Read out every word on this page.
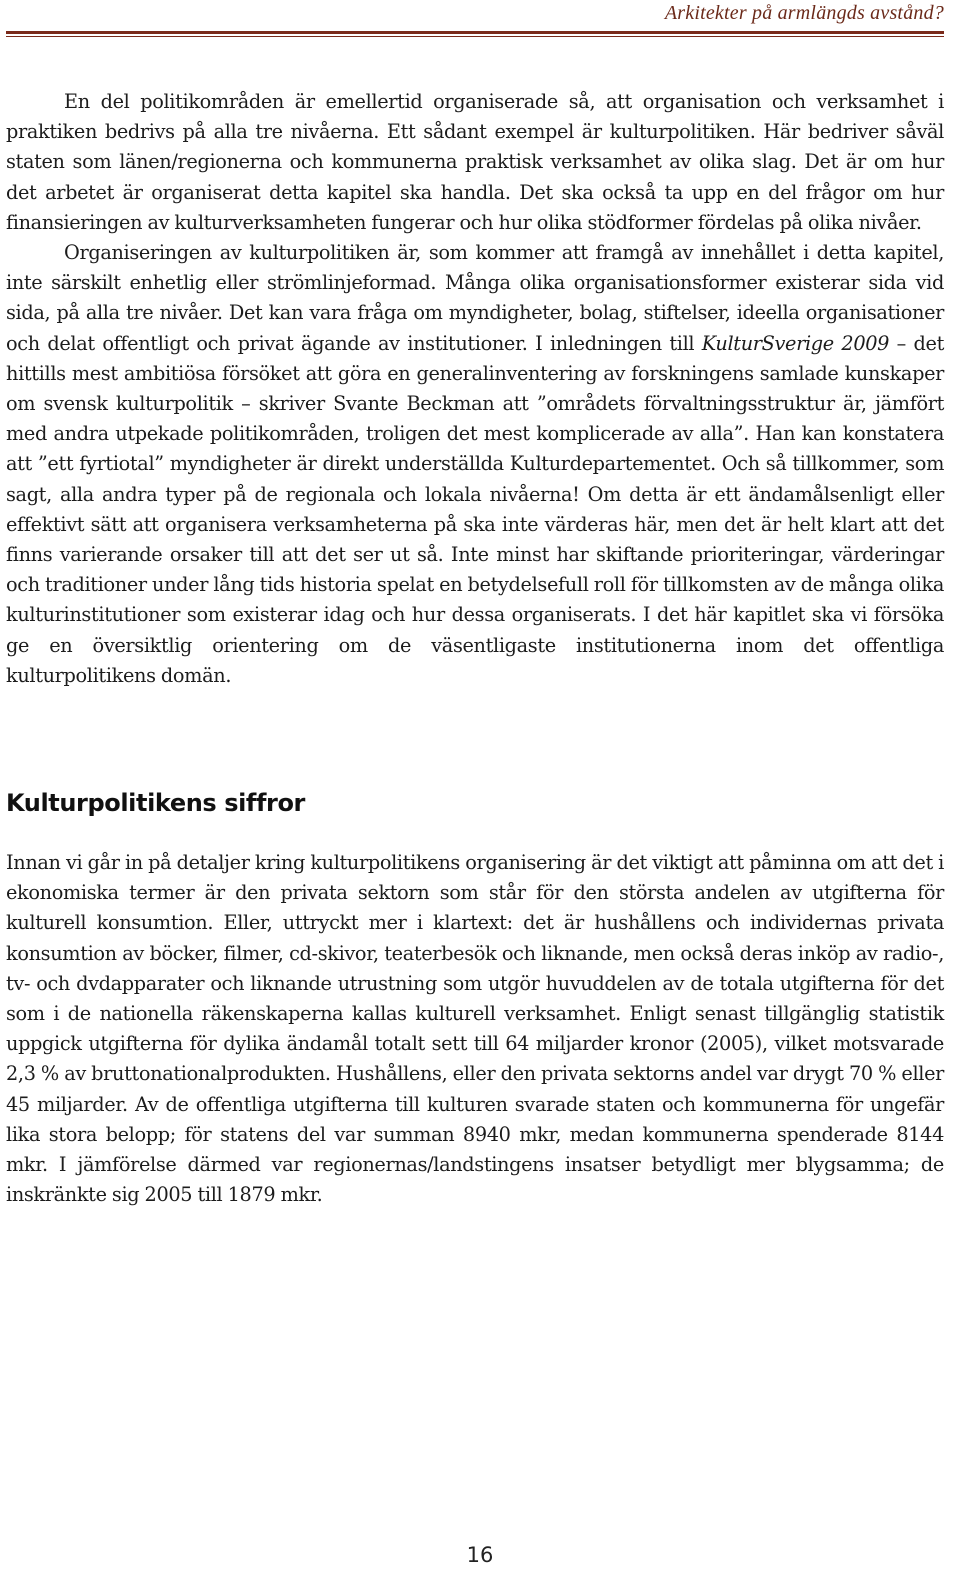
Arkitekter på armlängds avstånd?

En del politikområden är emellertid organiserade så, att organisation och verksamhet i praktiken bedrivs på alla tre nivåerna. Ett sådant exempel är kulturpolitiken. Här bedriver såväl staten som länen/regionerna och kommunerna praktisk verksamhet av olika slag. Det är om hur det arbetet är organiserat detta kapitel ska handla. Det ska också ta upp en del frågor om hur finansieringen av kulturverksamheten fungerar och hur olika stödformer fördelas på olika nivåer.

Organiseringen av kulturpolitiken är, som kommer att framgå av innehållet i detta kapitel, inte särskilt enhetlig eller strömlinjeformad. Många olika organisationsformer existerar sida vid sida, på alla tre nivåer. Det kan vara fråga om myndigheter, bolag, stiftelser, ideella organisationer och delat offentligt och privat ägande av institutioner. I inledningen till KulturSverige 2009 – det hittills mest ambitiösa försöket att göra en generalinventering av forskningens samlade kunskaper om svensk kulturpolitik – skriver Svante Beckman att ”områdets förvaltningsstruktur är, jämfört med andra utpekade politikområden, troligen det mest komplicerade av alla”. Han kan konstatera att ”ett fyrtiotal” myndigheter är direkt underställda Kulturdepartementet. Och så tillkommer, som sagt, alla andra typer på de regionala och lokala nivåerna! Om detta är ett ändamålsenligt eller effektivt sätt att organisera verksamheterna på ska inte värderas här, men det är helt klart att det finns varierande orsaker till att det ser ut så. Inte minst har skiftande prioriteringar, värderingar och traditioner under lång tids historia spelat en betydelsefull roll för tillkomsten av de många olika kulturinstitutioner som existerar idag och hur dessa organiserats. I det här kapitlet ska vi försöka ge en översiktlig orientering om de väsentligaste institutionerna inom det offentliga kulturpolitikens domän.

Kulturpolitikens siffror

Innan vi går in på detaljer kring kulturpolitikens organisering är det viktigt att påminna om att det i ekonomiska termer är den privata sektorn som står för den största andelen av utgifterna för kulturell konsumtion. Eller, uttryckt mer i klartext: det är hushållens och individernas privata konsumtion av böcker, filmer, cd-skivor, teaterbesök och liknande, men också deras inköp av radio-, tv- och dvdapparater och liknande utrustning som utgör huvuddelen av de totala utgifterna för det som i de nationella räkenskaperna kallas kulturell verksamhet. Enligt senast tillgänglig statistik uppgick utgifterna för dylika ändamål totalt sett till 64 miljarder kronor (2005), vilket motsvarade 2,3 % av bruttonationalprodukten. Hushållens, eller den privata sektorns andel var drygt 70 % eller 45 miljarder. Av de offentliga utgifterna till kulturen svarade staten och kommunerna för ungefär lika stora belopp; för statens del var summan 8940 mkr, medan kommunerna spenderade 8144 mkr. I jämförelse därmed var regionernas/landstingens insatser betydligt mer blygsamma; de inskränkte sig 2005 till 1879 mkr.

16
